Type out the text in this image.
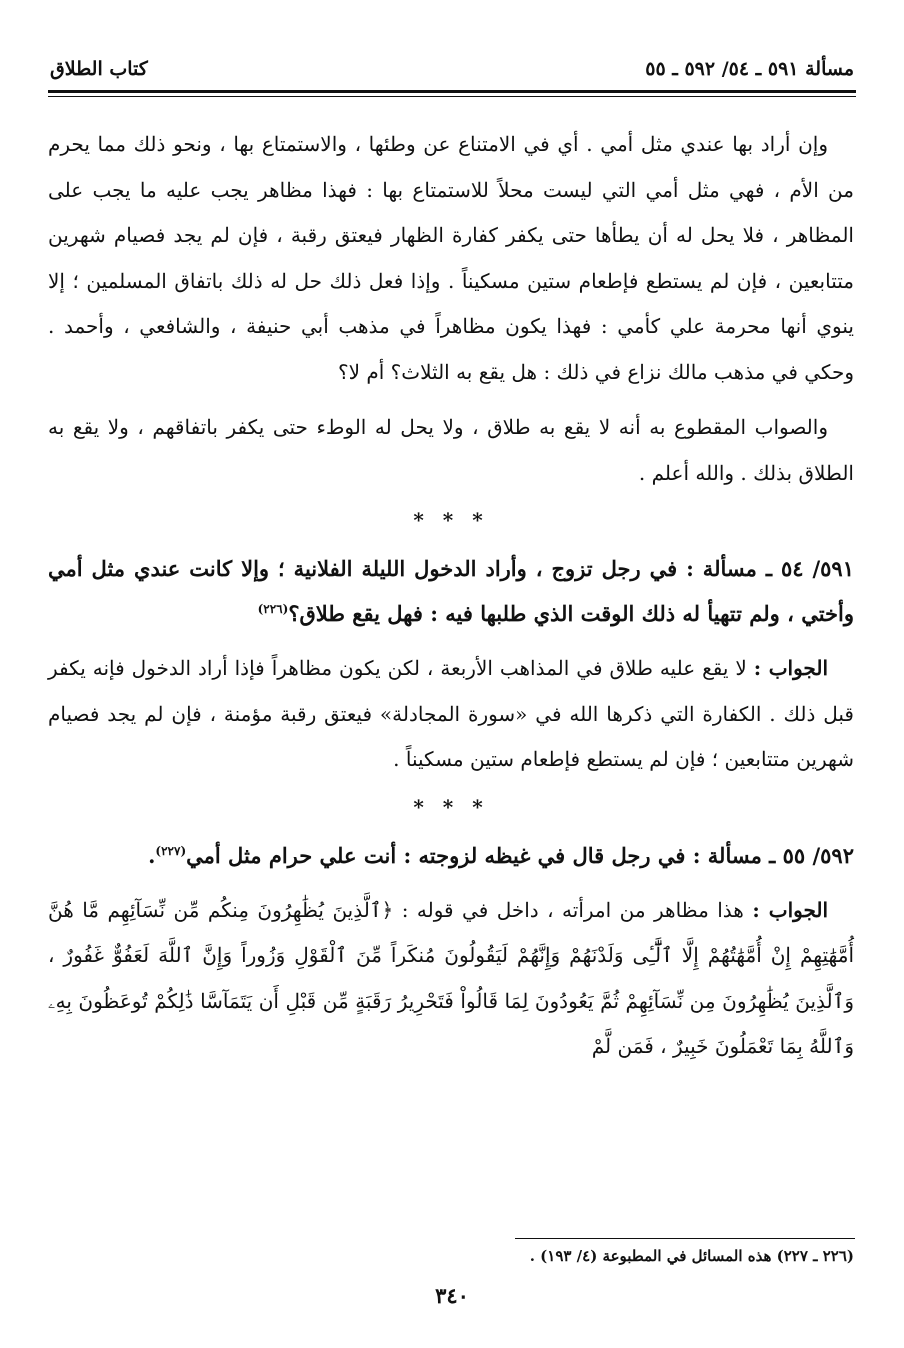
مسألة ٥٩١ ـ ٥٤/ ٥٩٢ ـ ٥٥
كتاب الطلاق

وإن أراد بها عندي مثل أمي . أي في الامتناع عن وطئها ، والاستمتاع بها ، ونحو ذلك مما يحرم من الأم ، فهي مثل أمي التي ليست محلاً للاستمتاع بها : فهذا مظاهر يجب عليه ما يجب على المظاهر ، فلا يحل له أن يطأها حتى يكفر كفارة الظهار فيعتق رقبة ، فإن لم يجد فصيام شهرين متتابعين ، فإن لم يستطع فإطعام ستين مسكيناً . وإذا فعل ذلك حل له ذلك باتفاق المسلمين ؛ إلا ينوي أنها محرمة علي كأمي : فهذا يكون مظاهراً في مذهب أبي حنيفة ، والشافعي ، وأحمد . وحكي في مذهب مالك نزاع في ذلك : هل يقع به الثلاث؟ أم لا؟

والصواب المقطوع به أنه لا يقع به طلاق ، ولا يحل له الوطء حتى يكفر باتفاقهم ، ولا يقع به الطلاق بذلك . والله أعلم .

* * *
٥٩١/ ٥٤ ـ مسألة : في رجل تزوج ، وأراد الدخول الليلة الفلانية ؛ وإلا كانت عندي مثل أمي وأختي ، ولم تتهيأ له ذلك الوقت الذي طلبها فيه : فهل يقع طلاق؟$^{(٢٢٦)}$

الجواب : لا يقع عليه طلاق في المذاهب الأربعة ، لكن يكون مظاهراً فإذا أراد الدخول فإنه يكفر قبل ذلك . الكفارة التي ذكرها الله في «سورة المجادلة» فيعتق رقبة مؤمنة ، فإن لم يجد فصيام شهرين متتابعين ؛ فإن لم يستطع فإطعام ستين مسكيناً .

* * *
٥٩٢/ ٥٥ ـ مسألة : في رجل قال في غيظه لزوجته : أنت علي حرام مثل أمي$^{(٢٢٧)}$.

الجواب : هذا مظاهر من امرأته ، داخل في قوله : ﴿ٱلَّذِينَ يُظَٰهِرُونَ مِنكُم مِّن نِّسَآئِهِم مَّا هُنَّ أُمَّهَٰتِهِمْ إِنْ أُمَّهَٰتُهُمْ إِلَّا ٱلَّٰٓـِٔى وَلَدْنَهُمْ وَإِنَّهُمْ لَيَقُولُونَ مُنكَراً مِّنَ ٱلْقَوْلِ وَزُوراً وَإِنَّ ٱللَّهَ لَعَفُوٌّ غَفُورٌ ، وَٱلَّذِينَ يُظَٰهِرُونَ مِن نِّسَآئِهِمْ ثُمَّ يَعُودُونَ لِمَا قَالُواْ فَتَحْرِيرُ رَقَبَةٍ مِّن قَبْلِ أَن يَتَمَآسَّا ذَٰلِكُمْ تُوعَظُونَ بِهِۦ وَٱللَّهُ بِمَا تَعْمَلُونَ خَبِيرٌ ، فَمَن لَّمْ

(٢٢٦ ـ ٢٢٧) هذه المسائل في المطبوعة (٤/ ١٩٣) .
٣٤٠
